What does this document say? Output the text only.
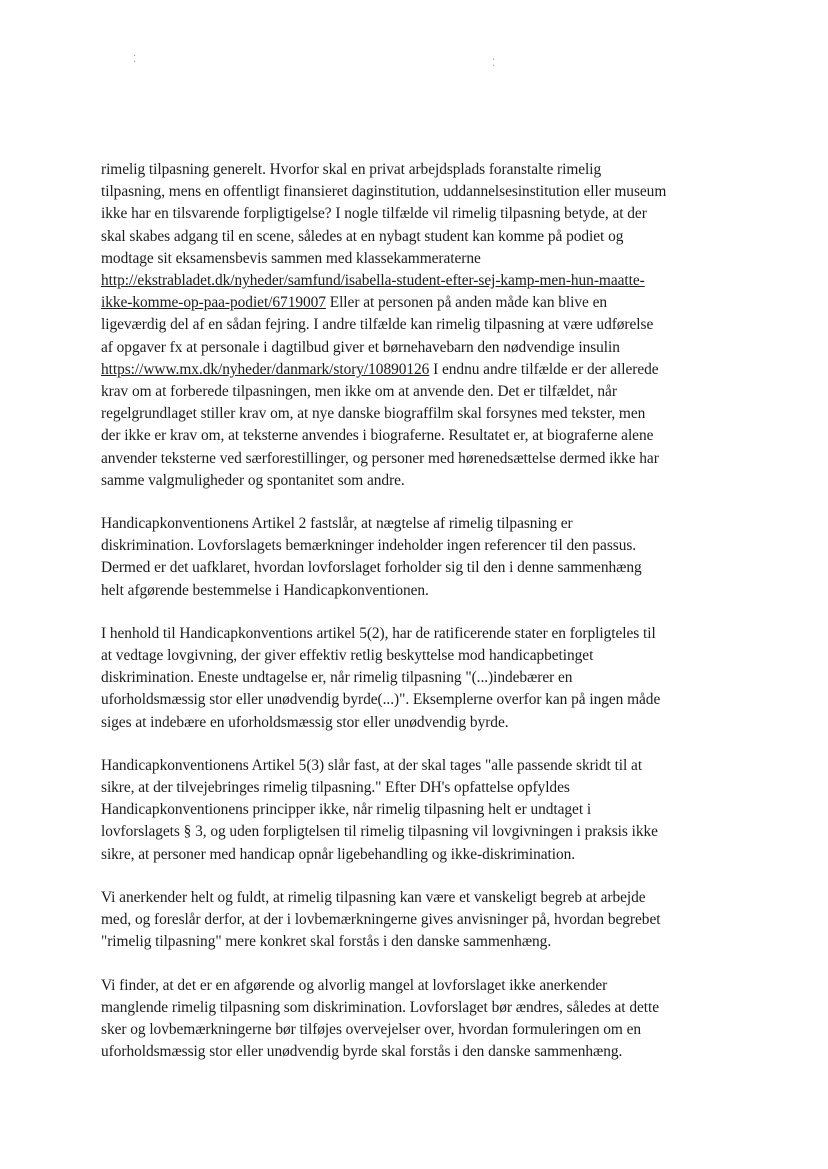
⁚	⁚

rimelig tilpasning generelt. Hvorfor skal en privat arbejdsplads foranstalte rimelig
tilpasning, mens en offentligt finansieret daginstitution, uddannelsesinstitution eller museum
ikke har en tilsvarende forpligtigelse? I nogle tilfælde vil rimelig tilpasning betyde, at der
skal skabes adgang til en scene, således at en nybagt student kan komme på podiet og
modtage sit eksamensbevis sammen med klassekammeraterne
http://ekstrabladet.dk/nyheder/samfund/isabella-student-efter-sej-kamp-men-hun-maatte-
ikke-komme-op-paa-podiet/6719007 Eller at personen på anden måde kan blive en
ligeværdig del af en sådan fejring. I andre tilfælde kan rimelig tilpasning at være udførelse
af opgaver fx at personale i dagtilbud giver et børnehavebarn den nødvendige insulin
https://www.mx.dk/nyheder/danmark/story/10890126 I endnu andre tilfælde er der allerede
krav om at forberede tilpasningen, men ikke om at anvende den. Det er tilfældet, når
regelgrundlaget stiller krav om, at nye danske biograffilm skal forsynes med tekster, men
der ikke er krav om, at teksterne anvendes i biograferne. Resultatet er, at biograferne alene
anvender teksterne ved særforestillinger, og personer med hørenedsættelse dermed ikke har
samme valgmuligheder og spontanitet som andre.

Handicapkonventionens Artikel 2 fastslår, at nægtelse af rimelig tilpasning er
diskrimination. Lovforslagets bemærkninger indeholder ingen referencer til den passus.
Dermed er det uafklaret, hvordan lovforslaget forholder sig til den i denne sammenhæng
helt afgørende bestemmelse i Handicapkonventionen.

I henhold til Handicapkonventions artikel 5(2), har de ratificerende stater en forpligteles til
at vedtage lovgivning, der giver effektiv retlig beskyttelse mod handicapbetinget
diskrimination. Eneste undtagelse er, når rimelig tilpasning "(...)indebærer en
uforholdsmæssig stor eller unødvendig byrde(...)". Eksemplerne overfor kan på ingen måde
siges at indebære en uforholdsmæssig stor eller unødvendig byrde.

Handicapkonventionens Artikel 5(3) slår fast, at der skal tages "alle passende skridt til at
sikre, at der tilvejebringes rimelig tilpasning." Efter DH's opfattelse opfyldes
Handicapkonventionens principper ikke, når rimelig tilpasning helt er undtaget i
lovforslagets § 3, og uden forpligtelsen til rimelig tilpasning vil lovgivningen i praksis ikke
sikre, at personer med handicap opnår ligebehandling og ikke-diskrimination.

Vi anerkender helt og fuldt, at rimelig tilpasning kan være et vanskeligt begreb at arbejde
med, og foreslår derfor, at der i lovbemærkningerne gives anvisninger på, hvordan begrebet
"rimelig tilpasning" mere konkret skal forstås i den danske sammenhæng.

Vi finder, at det er en afgørende og alvorlig mangel at lovforslaget ikke anerkender
manglende rimelig tilpasning som diskrimination. Lovforslaget bør ændres, således at dette
sker og lovbemærkningerne bør tilføjes overvejelser over, hvordan formuleringen om en
uforholdsmæssig stor eller unødvendig byrde skal forstås i den danske sammenhæng.
